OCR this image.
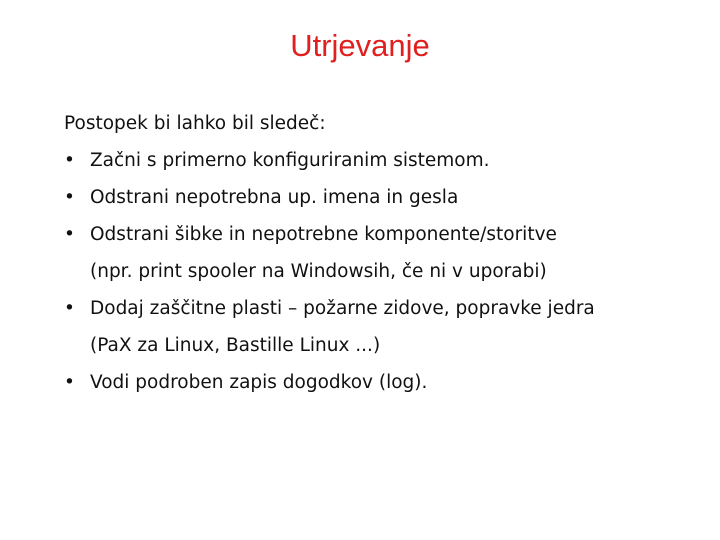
Utrjevanje
Postopek bi lahko bil sledeč:
• Začni s primerno konfiguriranim sistemom.
• Odstrani nepotrebna up. imena in gesla
• Odstrani šibke in nepotrebne komponente/storitve
(npr. print spooler na Windowsih, če ni v uporabi)
• Dodaj zaščitne plasti – požarne zidove, popravke jedra
(PaX za Linux, Bastille Linux ...)
• Vodi podroben zapis dogodkov (log).
